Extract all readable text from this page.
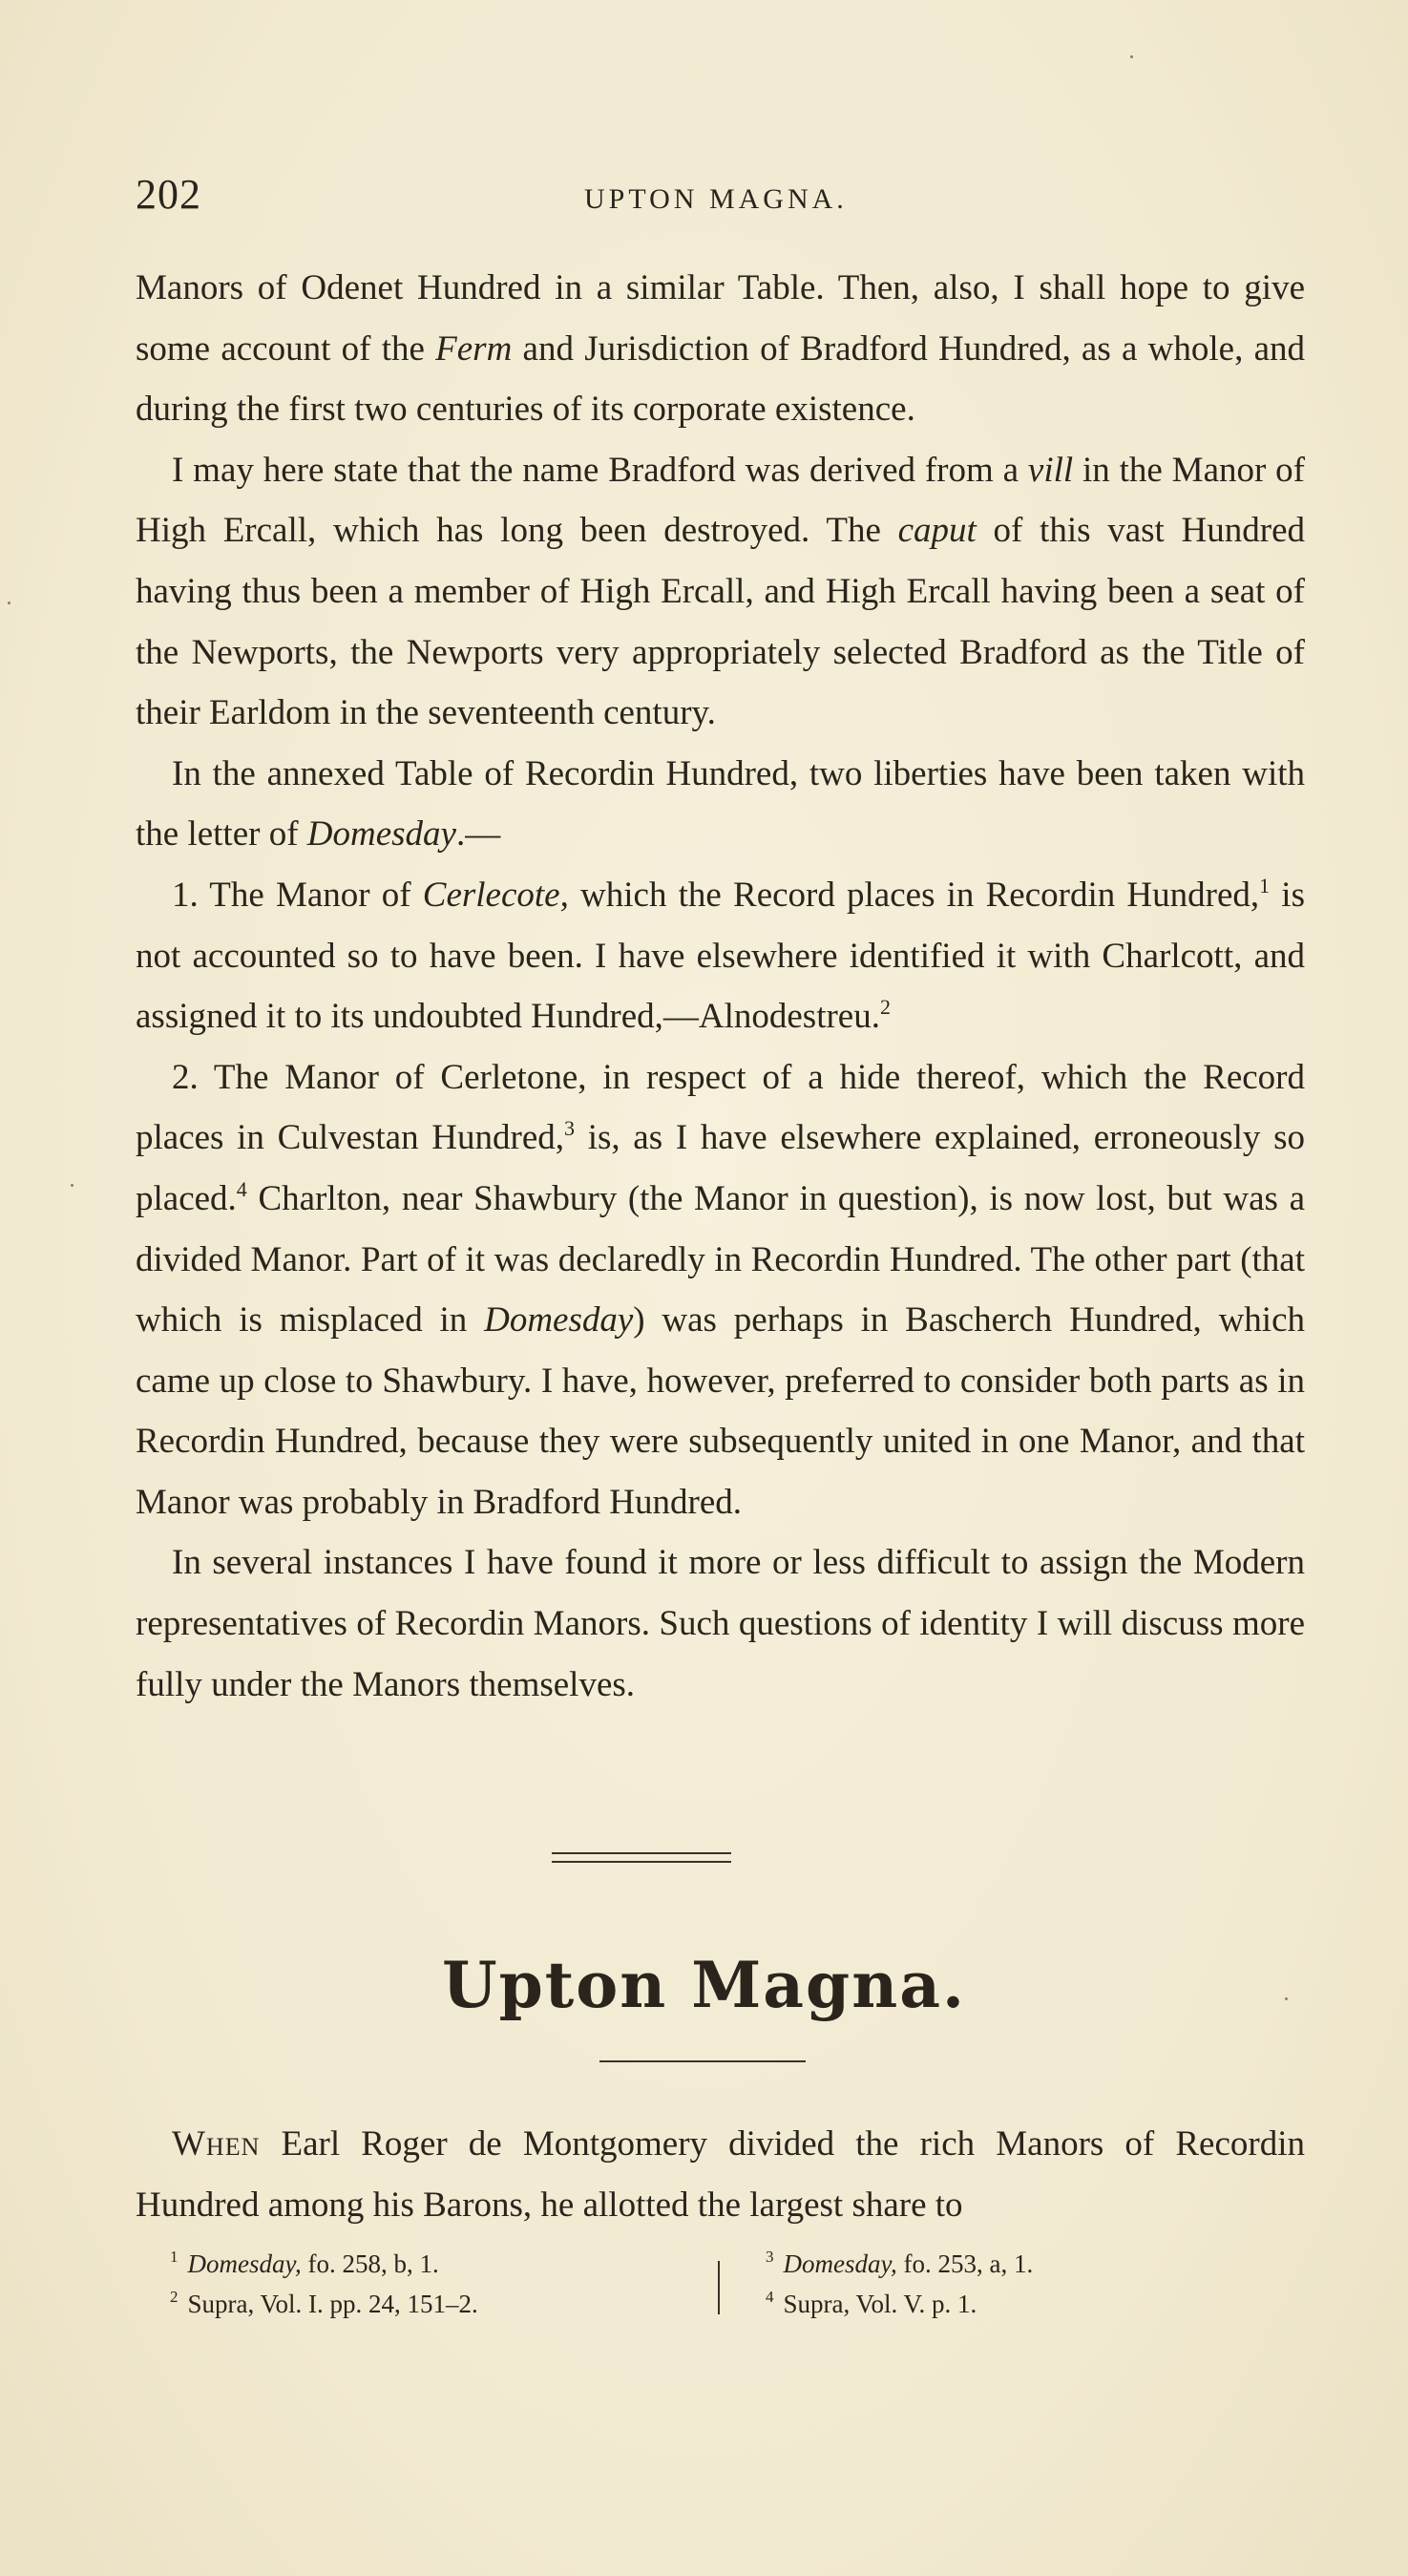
202	UPTON MAGNA.

Manors of Odenet Hundred in a similar Table. Then, also, I shall hope to give some account of the Ferm and Jurisdiction of Bradford Hundred, as a whole, and during the first two centuries of its corporate existence.

I may here state that the name Bradford was derived from a vill in the Manor of High Ercall, which has long been destroyed. The caput of this vast Hundred having thus been a member of High Ercall, and High Ercall having been a seat of the Newports, the Newports very appropriately selected Bradford as the Title of their Earldom in the seventeenth century.

In the annexed Table of Recordin Hundred, two liberties have been taken with the letter of Domesday.—

1. The Manor of Cerlecote, which the Record places in Recordin Hundred,$^1$ is not accounted so to have been. I have elsewhere identified it with Charlcott, and assigned it to its undoubted Hundred,—Alnodestreu.$^2$

2. The Manor of Cerletone, in respect of a hide thereof, which the Record places in Culvestan Hundred,$^3$ is, as I have elsewhere explained, erroneously so placed.$^4$ Charlton, near Shawbury (the Manor in question), is now lost, but was a divided Manor. Part of it was declaredly in Recordin Hundred. The other part (that which is misplaced in Domesday) was perhaps in Bascherch Hundred, which came up close to Shawbury. I have, however, preferred to consider both parts as in Recordin Hundred, because they were subsequently united in one Manor, and that Manor was probably in Bradford Hundred.

In several instances I have found it more or less difficult to assign the Modern representatives of Recordin Manors. Such questions of identity I will discuss more fully under the Manors themselves.

Upton Magna.

When Earl Roger de Montgomery divided the rich Manors of Recordin Hundred among his Barons, he allotted the largest share to

$^1$ Domesday, fo. 258, b, 1.
$^2$ Supra, Vol. I. pp. 24, 151–2.
$^3$ Domesday, fo. 253, a, 1.
$^4$ Supra, Vol. V. p. 1.
